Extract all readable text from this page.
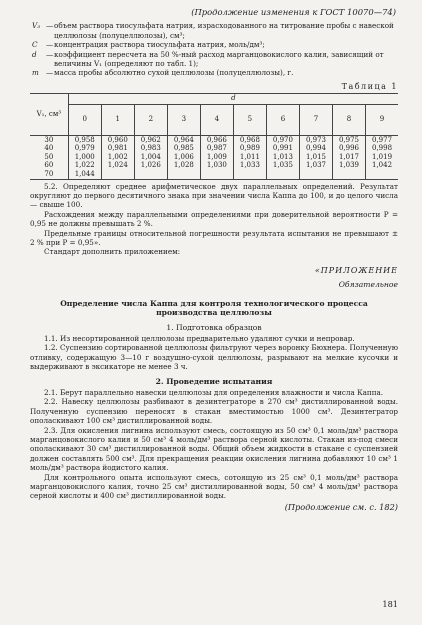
(Продолжение изменения к ГОСТ 10070—74)
V₃ — объем раствора тиосульфата натрия, израсходованного на титрование пробы с навеской целлюлозы (полуцеллюлозы), см³;
C	— концентрация раствора тиосульфата натрия, моль/дм³;
d	— коэффициент пересчета на 50 %-ный расход марганцовокислого калия, зависящий от величины V₁ (определяют по табл. 1);
m — масса пробы абсолютно сухой целлюлозы (полуцеллюлозы), г.
Таблица 1
V₁, см³	d									
	0	1	2	3	4	5	6	7	8	9
30	0,958	0,960	0,962	0,964	0,966	0,968	0,970	0,973	0,975	0,977
40	0,979	0,981	0,983	0,985	0,987	0,989	0,991	0,994	0,996	0,998
50	1,000	1,002	1,004	1,006	1,009	1,011	1,013	1,015	1,017	1,019
60	1,022	1,024	1,026	1,028	1,030	1,033	1,035	1,037	1,039	1,042
70	1,044									

5.2. Определяют среднее арифметическое двух параллельных определений. Результат округляют до первого десятичного знака при значении числа Каппа до 100, и до целого числа — свыше 100.

Расхождения между параллельными определениями при доверительной вероятности P = 0,95 не должны превышать 2 %.

Предельные границы относительной погрешности результата испытания не превышают ± 2 % при P = 0,95».

Стандарт дополнить приложением:

«ПРИЛОЖЕНИЕ
Обязательное
Определение числа Каппа для контроля технологического процесса производства целлюлозы
1. Подготовка образцов

1.1. Из несортированной целлюлозы предварительно удаляют сучки и непровар.

1.2. Суспензию сортированной целлюлозы фильтруют через воронку Бюхнера. Полученную отливку, содержащую 3—10 г воздушно-сухой целлюлозы, разрывают на мелкие кусочки и выдерживают в эксикаторе не менее 3 ч.

2. Проведение испытания

2.1. Берут параллельно навески целлюлозы для определения влажности и числа Каппа.

2.2. Навеску целлюлозы разбивают в дезинтеграторе в 270 см³ дистиллированной воды. Полученную суспензию переносят в стакан вместимостью 1000 см³. Дезинтегратор ополаскивают 100 см³ дистиллированной воды.

2.3. Для окисления лигнина используют смесь, состоящую из 50 см³ 0,1 моль/дм³ раствора марганцовокислого калия и 50 см³ 4 моль/дм³ раствора серной кислоты. Стакан из-под смеси ополаскивают 30 см³ дистиллированной воды. Общий объем жидкости в стакане с суспензией должен составлять 500 см³. Для прекращения реакции окисления лигнина добавляют 10 см³ 1 моль/дм³ раствора йодистого калия.

Для контрольного опыта используют смесь, сотоящую из 25 см³ 0,1 моль/дм³ раствора марганцовокислого калия, точно 25 см³ дистиллированной воды, 50 см³ 4 моль/дм³ раствора серной кислоты и 400 см³ дистиллированной воды.

(Продолжение см. с. 182)
181
